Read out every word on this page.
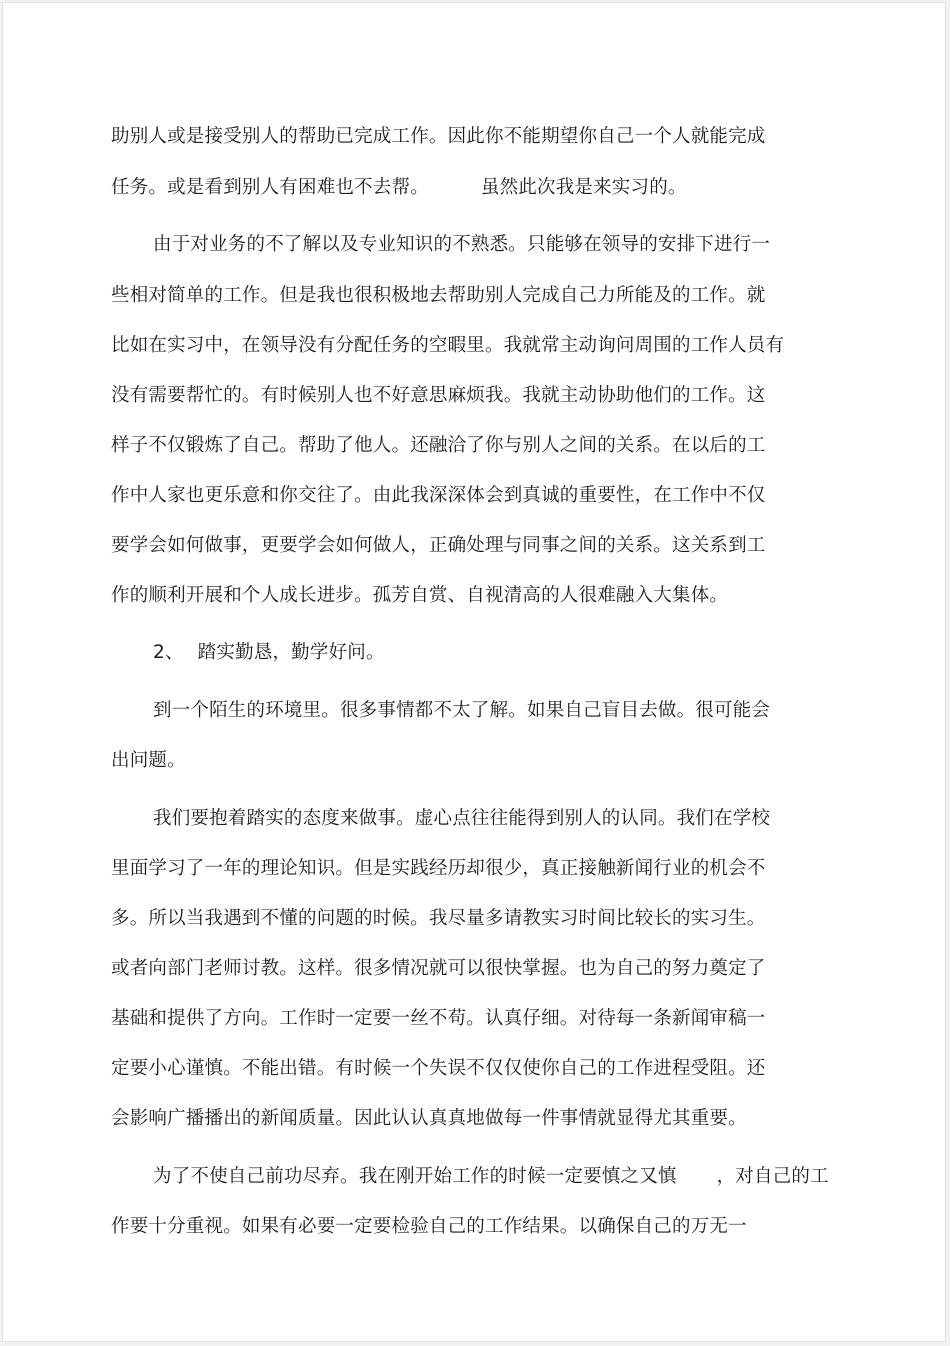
助别人或是接受别人的帮助已完成工作。因此你不能期望你自己一个人就能完成
任务。或是看到别人有困难也不去帮。	虽然此次我是来实习的。
由于对业务的不了解以及专业知识的不熟悉。只能够在领导的安排下进行一
些相对简单的工作。但是我也很积极地去帮助别人完成自己力所能及的工作。就
比如在实习中，在领导没有分配任务的空暇里。我就常主动询问周围的工作人员有
没有需要帮忙的。有时候别人也不好意思麻烦我。我就主动协助他们的工作。这
样子不仅锻炼了自己。帮助了他人。还融洽了你与别人之间的关系。在以后的工
作中人家也更乐意和你交往了。由此我深深体会到真诚的重要性，在工作中不仅
要学会如何做事，更要学会如何做人，正确处理与同事之间的关系。这关系到工
作的顺利开展和个人成长进步。孤芳自赏、自视清高的人很难融入大集体。
2、 踏实勤恳，勤学好问。
到一个陌生的环境里。很多事情都不太了解。如果自己盲目去做。很可能会
出问题。
我们要抱着踏实的态度来做事。虚心点往往能得到别人的认同。我们在学校
里面学习了一年的理论知识。但是实践经历却很少，真正接触新闻行业的机会不
多。所以当我遇到不懂的问题的时候。我尽量多请教实习时间比较长的实习生。
或者向部门老师讨教。这样。很多情况就可以很快掌握。也为自己的努力奠定了
基础和提供了方向。工作时一定要一丝不苟。认真仔细。对待每一条新闻审稿一
定要小心谨慎。不能出错。有时候一个失误不仅仅使你自己的工作进程受阻。还
会影响广播播出的新闻质量。因此认认真真地做每一件事情就显得尤其重要。
为了不使自己前功尽弃。我在刚开始工作的时候一定要慎之又慎 ，对自己的工
作要十分重视。如果有必要一定要检验自己的工作结果。以确保自己的万无一
